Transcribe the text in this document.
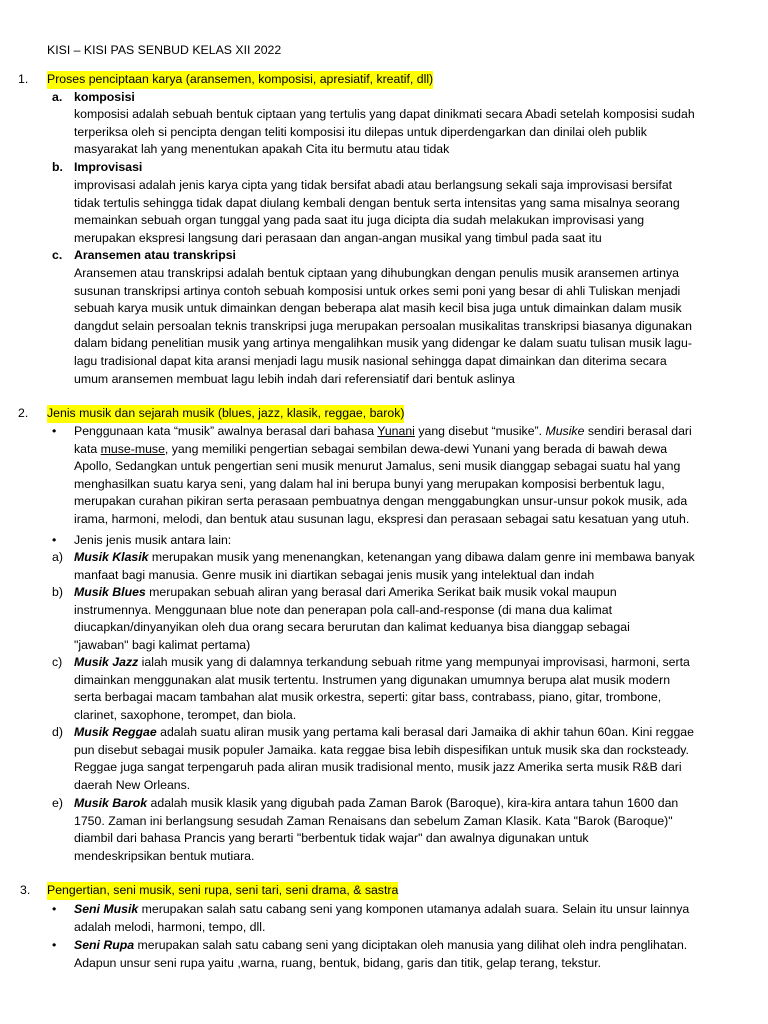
KISI – KISI PAS SENBUD KELAS XII 2022
1. Proses penciptaan karya (aransemen, komposisi, apresiatif, kreatif, dll)
a. komposisi
komposisi adalah sebuah bentuk ciptaan yang tertulis yang dapat dinikmati secara Abadi setelah komposisi sudah
terperiksa oleh si pencipta dengan teliti komposisi itu dilepas untuk diperdengarkan dan dinilai oleh publik
masyarakat lah yang menentukan apakah Cita itu bermutu atau tidak
b. Improvisasi
improvisasi adalah jenis karya cipta yang tidak bersifat abadi atau berlangsung sekali saja improvisasi bersifat
tidak tertulis sehingga tidak dapat diulang kembali dengan bentuk serta intensitas yang sama misalnya seorang
memainkan sebuah organ tunggal yang pada saat itu juga dicipta dia sudah melakukan improvisasi yang
merupakan ekspresi langsung dari perasaan dan angan-angan musikal yang timbul pada saat itu
c. Aransemen atau transkripsi
Aransemen atau transkripsi adalah bentuk ciptaan yang dihubungkan dengan penulis musik aransemen artinya
susunan transkripsi artinya contoh sebuah komposisi untuk orkes semi poni yang besar di ahli Tuliskan menjadi
sebuah karya musik untuk dimainkan dengan beberapa alat masih kecil bisa juga untuk dimainkan dalam musik
dangdut selain persoalan teknis transkripsi juga merupakan persoalan musikalitas transkripsi biasanya digunakan
dalam bidang penelitian musik yang artinya mengalihkan musik yang didengar ke dalam suatu tulisan musik lagu-
lagu tradisional dapat kita aransi menjadi lagu musik nasional sehingga dapat dimainkan dan diterima secara
umum aransemen membuat lagu lebih indah dari referensiatif dari bentuk aslinya
2. Jenis musik dan sejarah musik (blues, jazz, klasik, reggae, barok)
• Penggunaan kata “musik” awalnya berasal dari bahasa Yunani yang disebut “musike”. Musike sendiri berasal dari
kata muse-muse, yang memiliki pengertian sebagai sembilan dewa-dewi Yunani yang berada di bawah dewa
Apollo, Sedangkan untuk pengertian seni musik menurut Jamalus, seni musik dianggap sebagai suatu hal yang
menghasilkan suatu karya seni, yang dalam hal ini berupa bunyi yang merupakan komposisi berbentuk lagu,
merupakan curahan pikiran serta perasaan pembuatnya dengan menggabungkan unsur-unsur pokok musik, ada
irama, harmoni, melodi, dan bentuk atau susunan lagu, ekspresi dan perasaan sebagai satu kesatuan yang utuh.
• Jenis jenis musik antara lain:
a) Musik Klasik merupakan musik yang menenangkan, ketenangan yang dibawa dalam genre ini membawa banyak
manfaat bagi manusia. Genre musik ini diartikan sebagai jenis musik yang intelektual dan indah
b) Musik Blues merupakan sebuah aliran yang berasal dari Amerika Serikat baik musik vokal maupun
instrumennya. Menggunaan blue note dan penerapan pola call-and-response (di mana dua kalimat
diucapkan/dinyanyikan oleh dua orang secara berurutan dan kalimat keduanya bisa dianggap sebagai
"jawaban" bagi kalimat pertama)
c) Musik Jazz ialah musik yang di dalamnya terkandung sebuah ritme yang mempunyai improvisasi, harmoni, serta
dimainkan menggunakan alat musik tertentu. Instrumen yang digunakan umumnya berupa alat musik modern
serta berbagai macam tambahan alat musik orkestra, seperti: gitar bass, contrabass, piano, gitar, trombone,
clarinet, saxophone, terompet, dan biola.
d) Musik Reggae adalah suatu aliran musik yang pertama kali berasal dari Jamaika di akhir tahun 60an. Kini reggae
pun disebut sebagai musik populer Jamaika. kata reggae bisa lebih dispesifikan untuk musik ska dan rocksteady.
Reggae juga sangat terpengaruh pada aliran musik tradisional mento, musik jazz Amerika serta musik R&B dari
daerah New Orleans.
e) Musik Barok adalah musik klasik yang digubah pada Zaman Barok (Baroque), kira-kira antara tahun 1600 dan
1750. Zaman ini berlangsung sesudah Zaman Renaisans dan sebelum Zaman Klasik. Kata "Barok (Baroque)"
diambil dari bahasa Prancis yang berarti "berbentuk tidak wajar" dan awalnya digunakan untuk
mendeskripsikan bentuk mutiara.
3. Pengertian, seni musik, seni rupa, seni tari, seni drama, & sastra
• Seni Musik merupakan salah satu cabang seni yang komponen utamanya adalah suara. Selain itu unsur lainnya
adalah melodi, harmoni, tempo, dll.
• Seni Rupa merupakan salah satu cabang seni yang diciptakan oleh manusia yang dilihat oleh indra penglihatan.
Adapun unsur seni rupa yaitu ,warna, ruang, bentuk, bidang, garis dan titik, gelap terang, tekstur.
